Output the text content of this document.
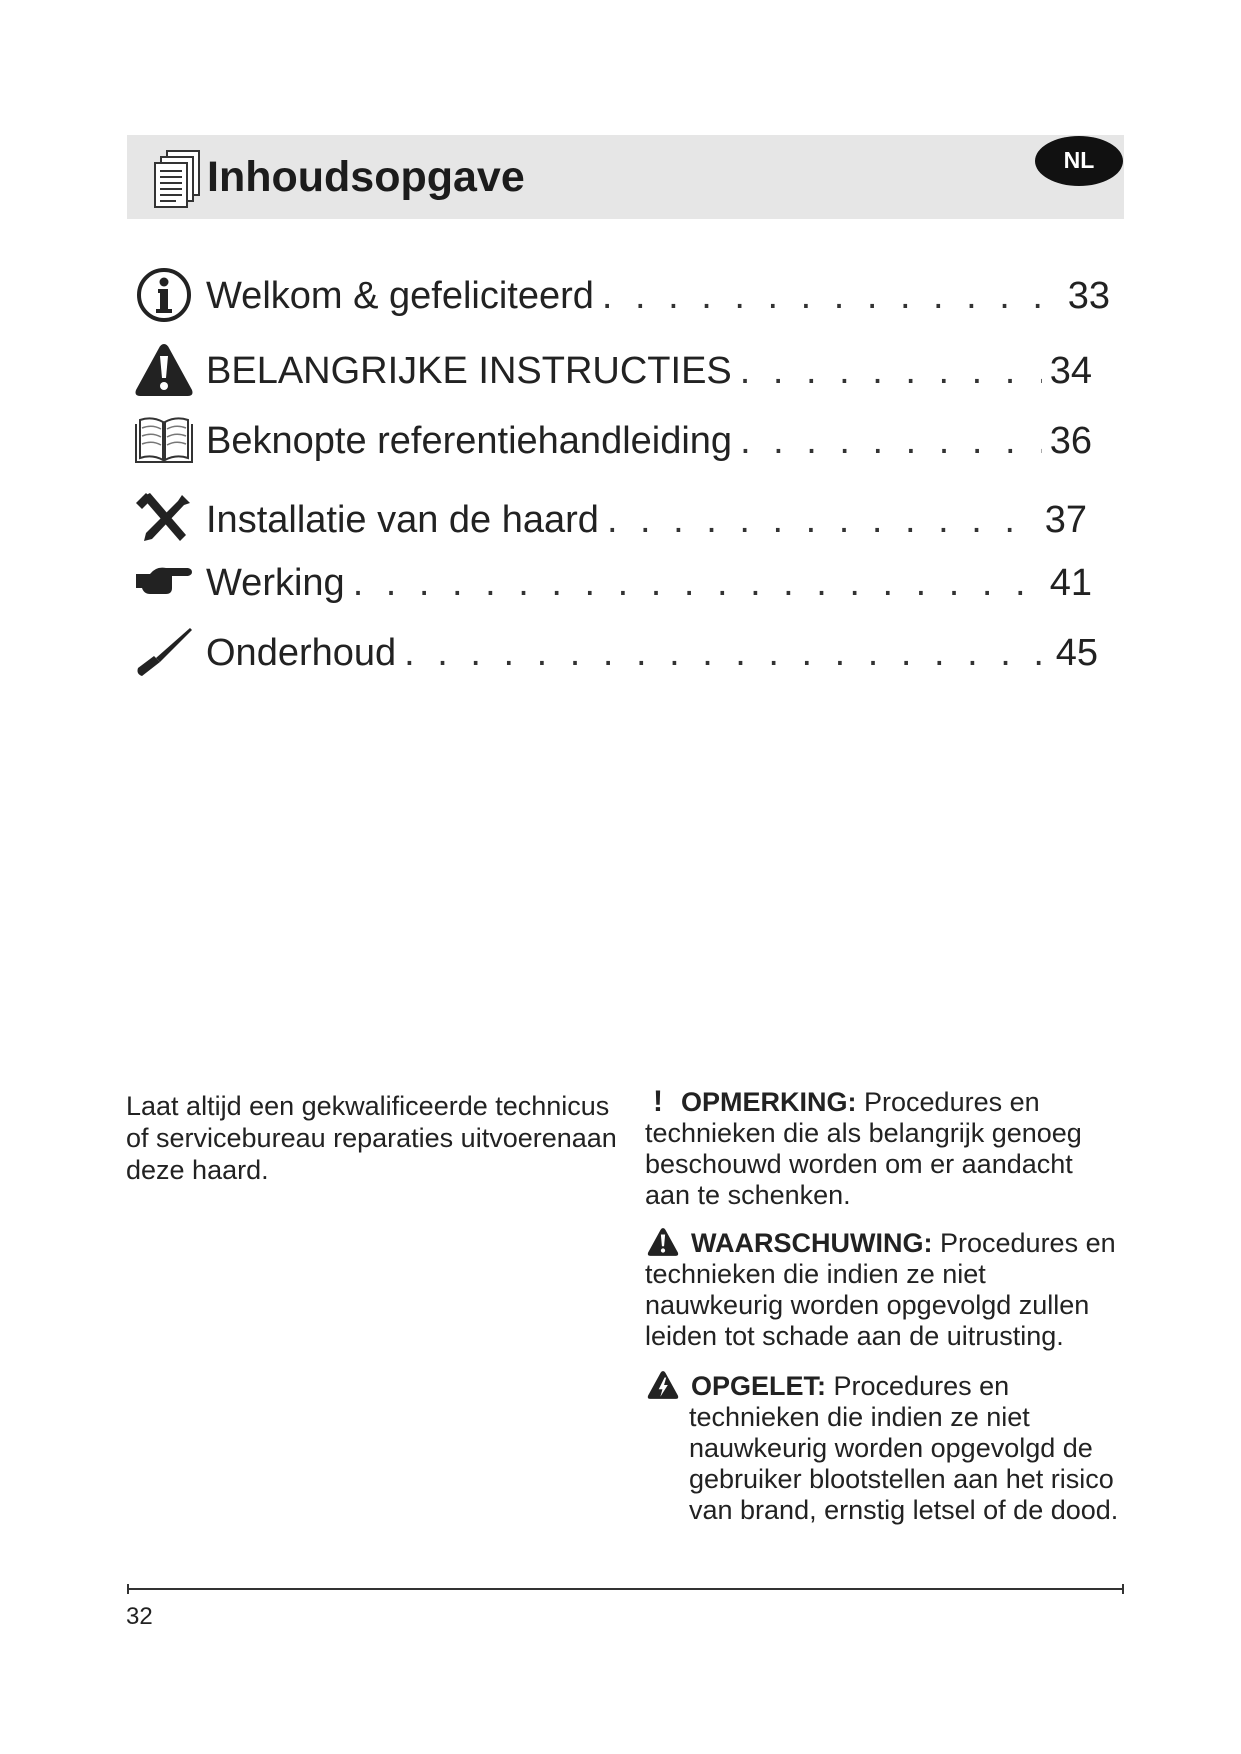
Inhoudsopgave	NL
Welkom & gefeliciteerd . . .	33
BELANGRIJKE INSTRUCTIES . . .	34
Beknopte referentiehandleiding . . .	36
Installatie van de haard . . .	37
Werking . . .	41
Onderhoud . . .	45
Laat altijd een gekwalificeerde technicus of servicebureau reparaties uitvoerenaan deze haard.
! OPMERKING: Procedures en technieken die als belangrijk genoeg beschouwd worden om er aandacht aan te schenken.
WAARSCHUWING: Procedures en technieken die indien ze niet nauwkeurig worden opgevolgd zullen leiden tot schade aan de uitrusting.
OPGELET: Procedures en
technieken die indien ze niet nauwkeurig worden opgevolgd de gebruiker blootstellen aan het risico van brand, ernstig letsel of de dood.
32
